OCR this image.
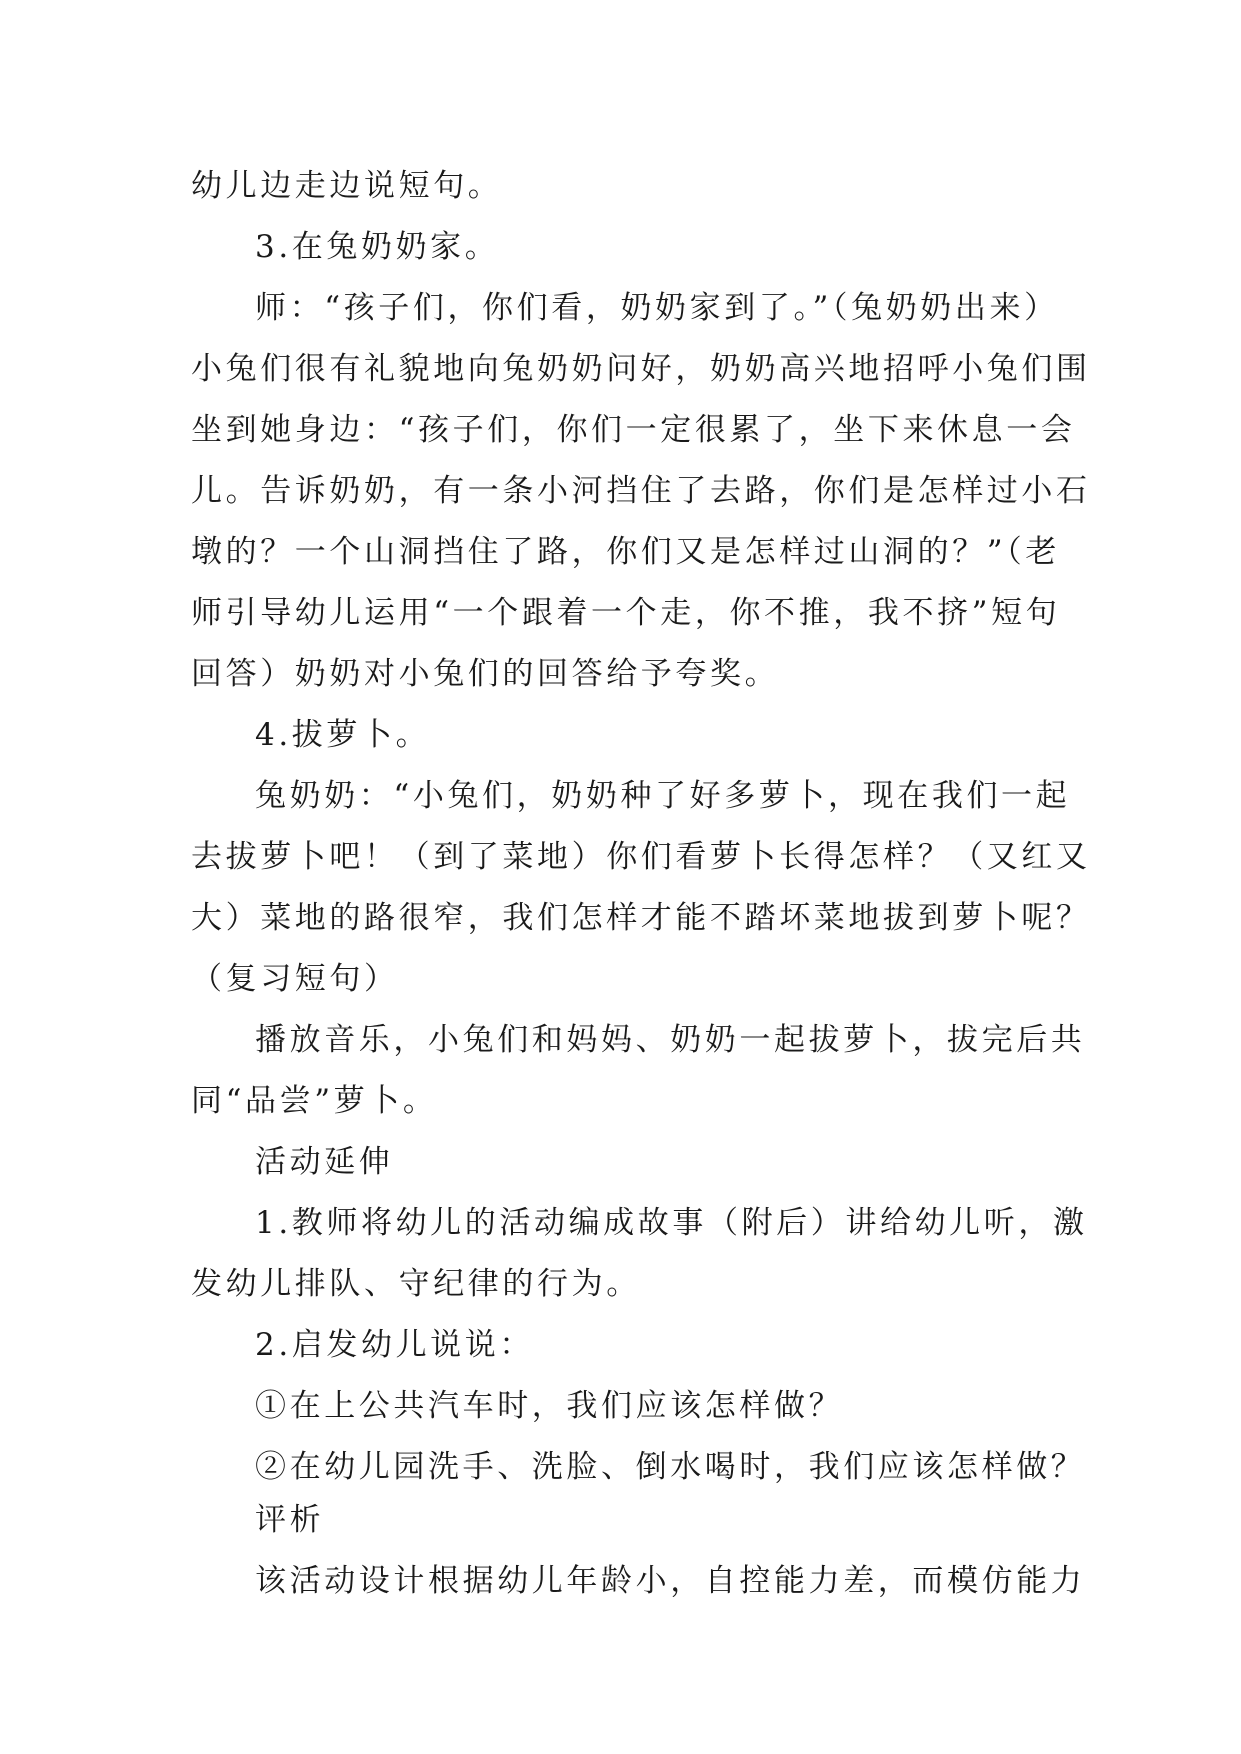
幼儿边走边说短句。
3.在兔奶奶家。
师：“孩子们，你们看，奶奶家到了。”（兔奶奶出来）
小兔们很有礼貌地向兔奶奶问好，奶奶高兴地招呼小兔们围
坐到她身边：“孩子们，你们一定很累了，坐下来休息一会
儿。告诉奶奶，有一条小河挡住了去路，你们是怎样过小石
墩的？一个山洞挡住了路，你们又是怎样过山洞的？”（老
师引导幼儿运用“一个跟着一个走，你不推，我不挤”短句
回答）奶奶对小兔们的回答给予夸奖。
4.拔萝卜。
兔奶奶：“小兔们，奶奶种了好多萝卜，现在我们一起
去拔萝卜吧！（到了菜地）你们看萝卜长得怎样？（又红又
大）菜地的路很窄，我们怎样才能不踏坏菜地拔到萝卜呢？
（复习短句）
播放音乐，小兔们和妈妈、奶奶一起拔萝卜，拔完后共
同“品尝”萝卜。
活动延伸
1.教师将幼儿的活动编成故事（附后）讲给幼儿听，激
发幼儿排队、守纪律的行为。
2.启发幼儿说说：
①在上公共汽车时，我们应该怎样做？
②在幼儿园洗手、洗脸、倒水喝时，我们应该怎样做？
评析
该活动设计根据幼儿年龄小，自控能力差，而模仿能力
